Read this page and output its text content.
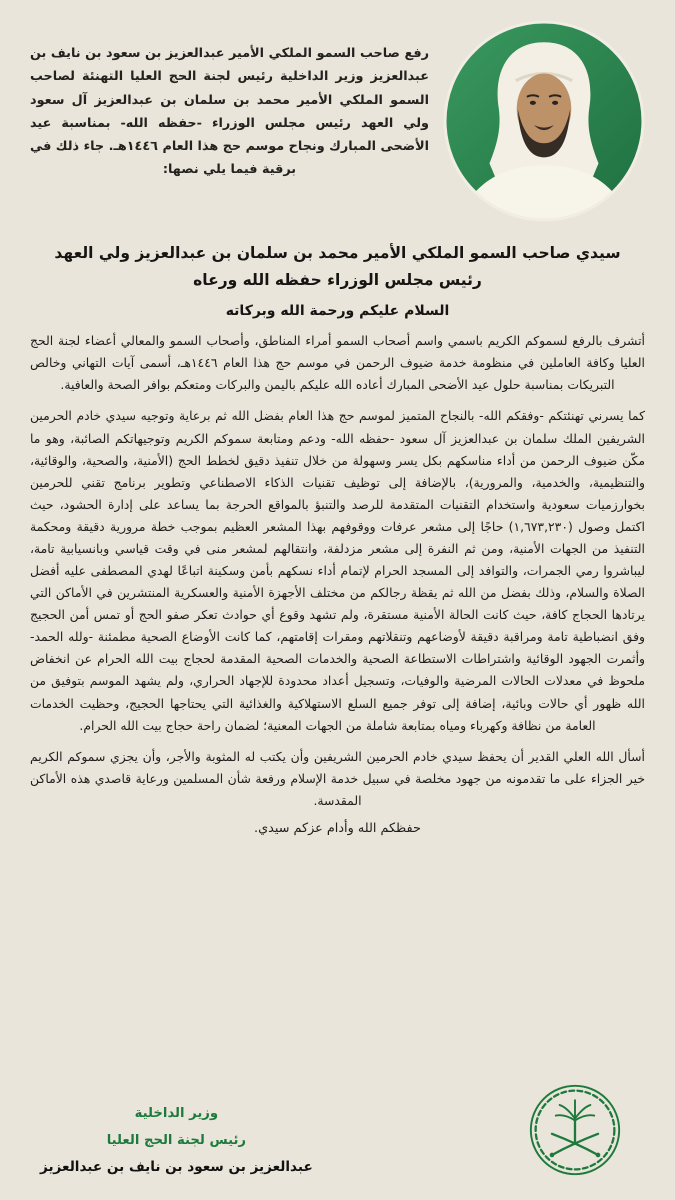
رفع صاحب السمو الملكي الأمير عبدالعزيز بن سعود بن نايف بن عبدالعزيز وزير الداخلية رئيس لجنة الحج العليا التهنئة لصاحب السمو الملكي الأمير محمد بن سلمان بن عبدالعزيز آل سعود ولي العهد رئيس مجلس الوزراء -حفظه الله- بمناسبة عيد الأضحى المبارك ونجاح موسم حج هذا العام ١٤٤٦هـ. جاء ذلك في برقية فيما يلي نصها:
سيدي صاحب السمو الملكي الأمير محمد بن سلمان بن عبدالعزيز ولي العهد
رئيس مجلس الوزراء حفظه الله ورعاه
السلام عليكم ورحمة الله وبركاته

أتشرف بالرفع لسموكم الكريم باسمي واسم أصحاب السمو أمراء المناطق، وأصحاب السمو والمعالي أعضاء لجنة الحج العليا وكافة العاملين في منظومة خدمة ضيوف الرحمن في موسم حج هذا العام ١٤٤٦هـ، أسمى آيات التهاني وخالص التبريكات بمناسبة حلول عيد الأضحى المبارك أعاده الله عليكم باليمن والبركات ومتعكم بوافر الصحة والعافية.

كما يسرني تهنئتكم -وفقكم الله- بالنجاح المتميز لموسم حج هذا العام بفضل الله ثم برعاية وتوجيه سيدي خادم الحرمين الشريفين الملك سلمان بن عبدالعزيز آل سعود -حفظه الله- ودعم ومتابعة سموكم الكريم وتوجيهاتكم الصائبة، وهو ما مكّن ضيوف الرحمن من أداء مناسكهم بكل يسر وسهولة من خلال تنفيذ دقيق لخطط الحج (الأمنية، والصحية، والوقائية، والتنظيمية، والخدمية، والمرورية)، بالإضافة إلى توظيف تقنيات الذكاء الاصطناعي وتطوير برنامج تقني للحرمين بخوارزميات سعودية واستخدام التقنيات المتقدمة للرصد والتنبؤ بالمواقع الحرجة بما يساعد على إدارة الحشود، حيث اكتمل وصول (١,٦٧٣,٢٣٠) حاجًا إلى مشعر عرفات ووقوفهم بهذا المشعر العظيم بموجب خطة مرورية دقيقة ومحكمة التنفيذ من الجهات الأمنية، ومن ثم النفرة إلى مشعر مزدلفة، وانتقالهم لمشعر منى في وقت قياسي وبانسيابية تامة، ليباشروا رمي الجمرات، والتوافد إلى المسجد الحرام لإتمام أداء نسكهم بأمن وسكينة اتباعًا لهدي المصطفى عليه أفضل الصلاة والسلام، وذلك بفضل من الله ثم يقظة رجالكم من مختلف الأجهزة الأمنية والعسكرية المنتشرين في الأماكن التي يرتادها الحجاج كافة، حيث كانت الحالة الأمنية مستقرة، ولم تشهد وقوع أي حوادث تعكر صفو الحج أو تمس أمن الحجيج وفق انضباطية تامة ومراقبة دقيقة لأوضاعهم وتنقلاتهم ومقرات إقامتهم، كما كانت الأوضاع الصحية مطمئنة -ولله الحمد- وأثمرت الجهود الوقائية واشتراطات الاستطاعة الصحية والخدمات الصحية المقدمة لحجاج بيت الله الحرام عن انخفاض ملحوظ في معدلات الحالات المرضية والوفيات، وتسجيل أعداد محدودة للإجهاد الحراري، ولم يشهد الموسم بتوفيق من الله ظهور أي حالات وبائية، إضافة إلى توفر جميع السلع الاستهلاكية والغذائية التي يحتاجها الحجيج، وحظيت الخدمات العامة من نظافة وكهرباء ومياه بمتابعة شاملة من الجهات المعنية؛ لضمان راحة حجاج بيت الله الحرام.

أسأل الله العلي القدير أن يحفظ سيدي خادم الحرمين الشريفين وأن يكتب له المثوبة والأجر، وأن يجزي سموكم الكريم خير الجزاء على ما تقدمونه من جهود مخلصة في سبيل خدمة الإسلام ورفعة شأن المسلمين ورعاية قاصدي هذه الأماكن المقدسة.

حفظكم الله وأدام عزكم سيدي.
وزير الداخلية
رئيس لجنة الحج العليا
عبدالعزيز بن سعود بن نايف بن عبدالعزيز
